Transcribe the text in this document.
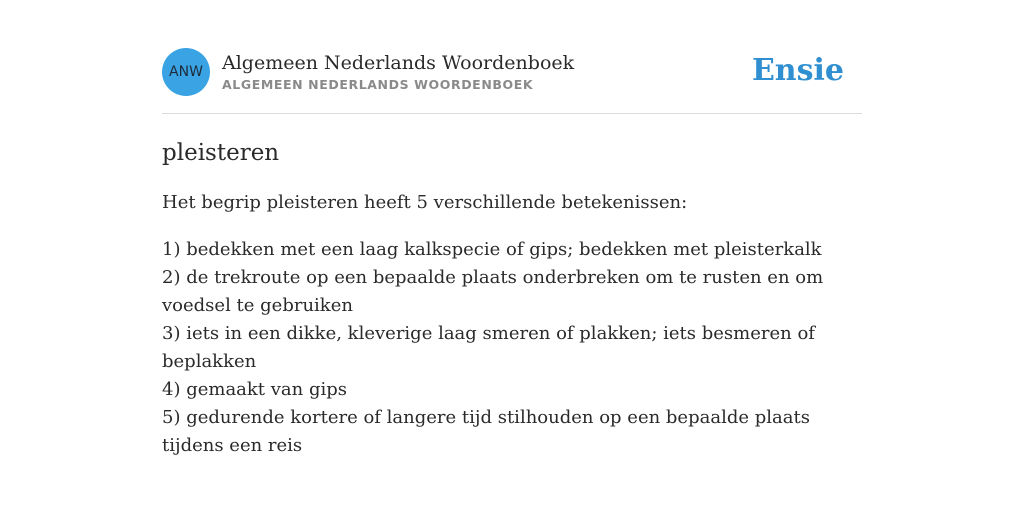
ANW	Algemeen Nederlands Woordenboek
ALGEMEEN NEDERLANDS WOORDENBOEK	Ensie
pleisteren
Het begrip pleisteren heeft 5 verschillende betekenissen:
1) bedekken met een laag kalkspecie of gips; bedekken met pleisterkalk
2) de trekroute op een bepaalde plaats onderbreken om te rusten en om voedsel te gebruiken
3) iets in een dikke, kleverige laag smeren of plakken; iets besmeren of beplakken
4) gemaakt van gips
5) gedurende kortere of langere tijd stilhouden op een bepaalde plaats tijdens een reis
